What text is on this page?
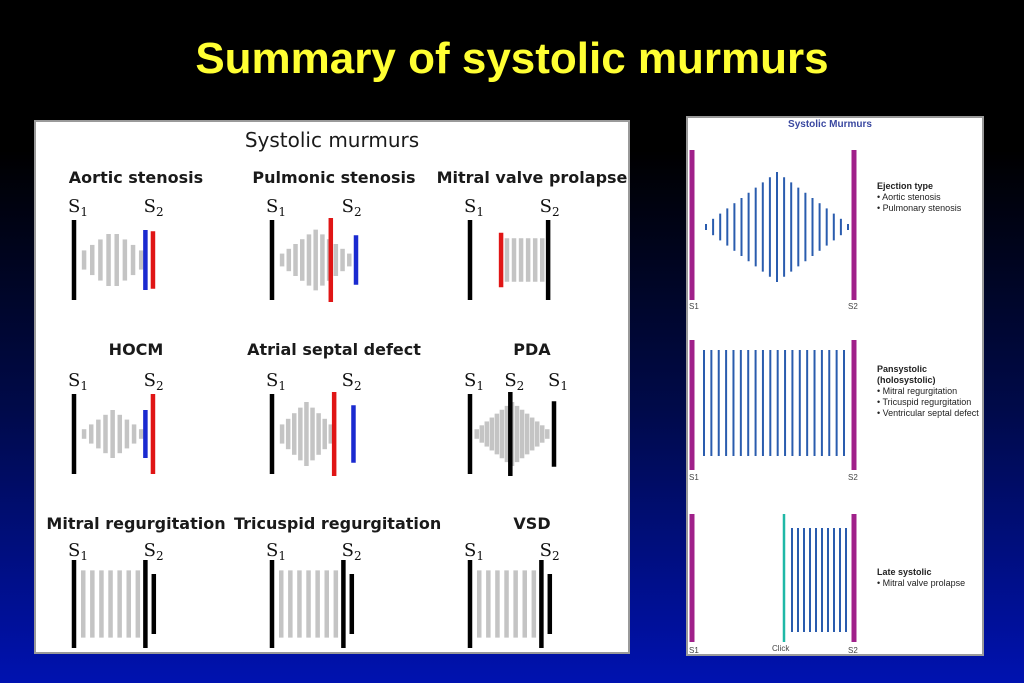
Summary of systolic murmurs
Systolic murmurs
Aortic stenosis
$S_1$	$S_2$
Pulmonic stenosis
$S_1$	$S_2$
Mitral valve prolapse
$S_1$	$S_2$
HOCM
$S_1$	$S_2$
Atrial septal defect
$S_1$	$S_2$
PDA
$S_1$ $S_2$ $S_1$
Mitral regurgitation
$S_1$	$S_2$
Tricuspid regurgitation
$S_1$	$S_2$
VSD
$S_1$	$S_2$
Systolic Murmurs
Ejection type
• Aortic stenosis
• Pulmonary stenosis
Pansystolic (holosystolic)
• Mitral regurgitation
• Tricuspid regurgitation
• Ventricular septal defect
Late systolic
• Mitral valve prolapse
S1	S2
S1	S2
S1	Click	S2
